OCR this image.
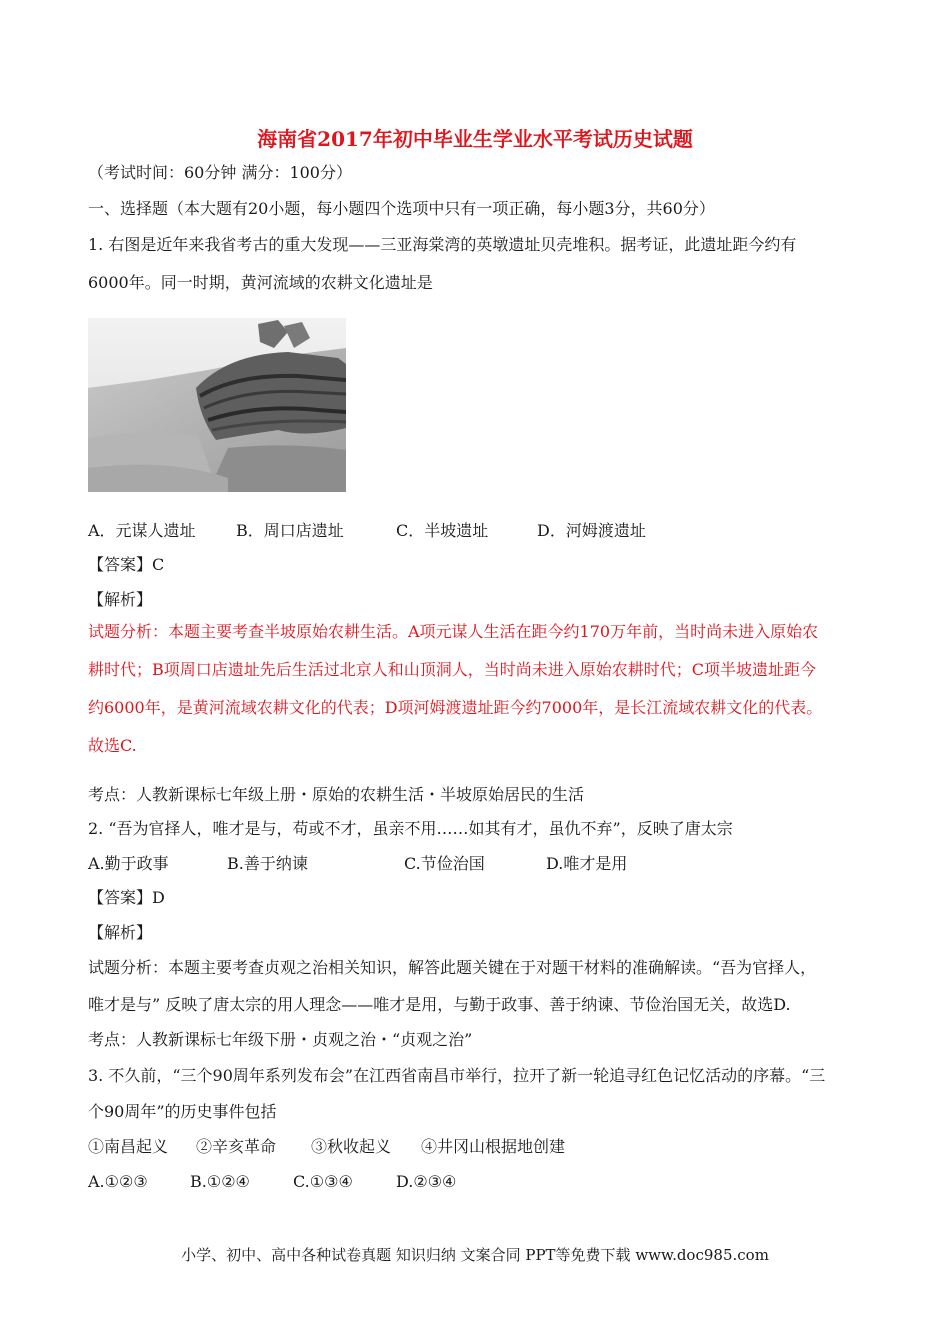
海南省2017年初中毕业生学业水平考试历史试题
（考试时间：60分钟 满分：100分）
一、选择题（本大题有20小题，每小题四个选项中只有一项正确，每小题3分，共60分）
1. 右图是近年来我省考古的重大发现——三亚海棠湾的英墩遗址贝壳堆积。据考证，此遗址距今约有
6000年。同一时期，黄河流域的农耕文化遗址是
A．元谋人遗址	B．周口店遗址	C．半坡遗址	D．河姆渡遗址
【答案】C
【解析】
试题分析：本题主要考查半坡原始农耕生活。A项元谋人生活在距今约170万年前，当时尚未进入原始农
耕时代；B项周口店遗址先后生活过北京人和山顶洞人，当时尚未进入原始农耕时代；C项半坡遗址距今
约6000年，是黄河流域农耕文化的代表；D项河姆渡遗址距今约7000年，是长江流域农耕文化的代表。
故选C.
考点：人教新课标七年级上册・原始的农耕生活・半坡原始居民的生活
2. “吾为官择人，唯才是与，苟或不才，虽亲不用……如其有才，虽仇不弃”，反映了唐太宗
A.勤于政事	B.善于纳谏	C.节俭治国	D.唯才是用
【答案】D
【解析】
试题分析：本题主要考查贞观之治相关知识，解答此题关键在于对题干材料的准确解读。“吾为官择人，
唯才是与” 反映了唐太宗的用人理念——唯才是用，与勤于政事、善于纳谏、节俭治国无关，故选D.
考点：人教新课标七年级下册・贞观之治・“贞观之治”
3. 不久前，“三个90周年系列发布会”在江西省南昌市举行，拉开了新一轮追寻红色记忆活动的序幕。“三
个90周年”的历史事件包括
①南昌起义 ②辛亥革命 ③秋收起义 ④井冈山根据地创建
A.①②③	B.①②④	C.①③④	D.②③④
小学、初中、高中各种试卷真题 知识归纳 文案合同 PPT等免费下载 www.doc985.com
